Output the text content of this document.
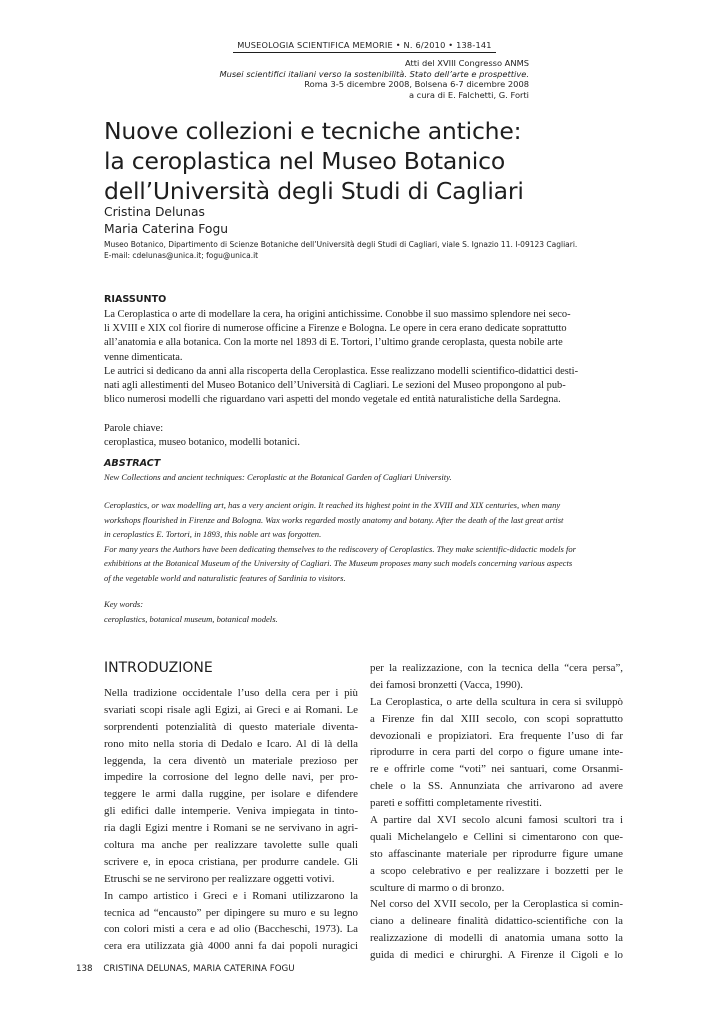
MUSEOLOGIA SCIENTIFICA MEMORIE • N. 6/2010 • 138-141
Atti del XVIII Congresso ANMS
Musei scientifici italiani verso la sostenibilità. Stato dell’arte e prospettive.
Roma 3-5 dicembre 2008, Bolsena 6-7 dicembre 2008
a cura di E. Falchetti, G. Forti
Nuove collezioni e tecniche antiche:
la ceroplastica nel Museo Botanico
dell’Università degli Studi di Cagliari
Cristina Delunas
Maria Caterina Fogu
Museo Botanico, Dipartimento di Scienze Botaniche dell’Università degli Studi di Cagliari, viale S. Ignazio 11. I-09123 Cagliari.
E-mail: cdelunas@unica.it; fogu@unica.it
RIASSUNTO
La Ceroplastica o arte di modellare la cera, ha origini antichissime. Conobbe il suo massimo splendore nei seco-
li XVIII e XIX col fiorire di numerose officine a Firenze e Bologna. Le opere in cera erano dedicate soprattutto
all’anatomia e alla botanica. Con la morte nel 1893 di E. Tortori, l’ultimo grande ceroplasta, questa nobile arte
venne dimenticata.
Le autrici si dedicano da anni alla riscoperta della Ceroplastica. Esse realizzano modelli scientifico-didattici desti-
nati agli allestimenti del Museo Botanico dell’Università di Cagliari. Le sezioni del Museo propongono al pub-
blico numerosi modelli che riguardano vari aspetti del mondo vegetale ed entità naturalistiche della Sardegna.
Parole chiave:
ceroplastica, museo botanico, modelli botanici.
ABSTRACT
New Collections and ancient techniques: Ceroplastic at the Botanical Garden of Cagliari University.
Ceroplastics, or wax modelling art, has a very ancient origin. It reached its highest point in the XVIII and XIX centuries, when many
workshops flourished in Firenze and Bologna. Wax works regarded mostly anatomy and botany. After the death of the last great artist
in ceroplastics E. Tortori, in 1893, this noble art was forgotten.
For many years the Authors have been dedicating themselves to the rediscovery of Ceroplastics. They make scientific-didactic models for
exhibitions at the Botanical Museum of the University of Cagliari. The Museum proposes many such models concerning various aspects
of the vegetable world and naturalistic features of Sardinia to visitors.
Key words:
ceroplastics, botanical museum, botanical models.
INTRODUZIONE
Nella tradizione occidentale l’uso della cera per i più
svariati scopi risale agli Egizi, ai Greci e ai Romani. Le
sorprendenti potenzialità di questo materiale diventa-
rono mito nella storia di Dedalo e Icaro. Al di là della
leggenda, la cera diventò un materiale prezioso per
impedire la corrosione del legno delle navi, per pro-
teggere le armi dalla ruggine, per isolare e difendere
gli edifici dalle intemperie. Veniva impiegata in tinto-
ria dagli Egizi mentre i Romani se ne servivano in agri-
coltura ma anche per realizzare tavolette sulle quali
scrivere e, in epoca cristiana, per produrre candele. Gli
Etruschi se ne servirono per realizzare oggetti votivi.
In campo artistico i Greci e i Romani utilizzarono la
tecnica ad “encausto” per dipingere su muro e su legno
con colori misti a cera e ad olio (Baccheschi, 1973). La
cera era utilizzata già 4000 anni fa dai popoli nuragici
per la realizzazione, con la tecnica della “cera persa”,
dei famosi bronzetti (Vacca, 1990).
La Ceroplastica, o arte della scultura in cera si sviluppò
a Firenze fin dal XIII secolo, con scopi soprattutto
devozionali e propiziatori. Era frequente l’uso di far
riprodurre in cera parti del corpo o figure umane inte-
re e offrirle come “voti” nei santuari, come Orsanmi-
chele o la SS. Annunziata che arrivarono ad avere
pareti e soffitti completamente rivestiti.
A partire dal XVI secolo alcuni famosi scultori tra i
quali Michelangelo e Cellini si cimentarono con que-
sto affascinante materiale per riprodurre figure umane
a scopo celebrativo e per realizzare i bozzetti per le
sculture di marmo o di bronzo.
Nel corso del XVII secolo, per la Ceroplastica si comin-
ciano a delineare finalità didattico-scientifiche con la
realizzazione di modelli di anatomia umana sotto la
guida di medici e chirurghi. A Firenze il Cigoli e lo
138 CRISTINA DELUNAS, MARIA CATERINA FOGU
